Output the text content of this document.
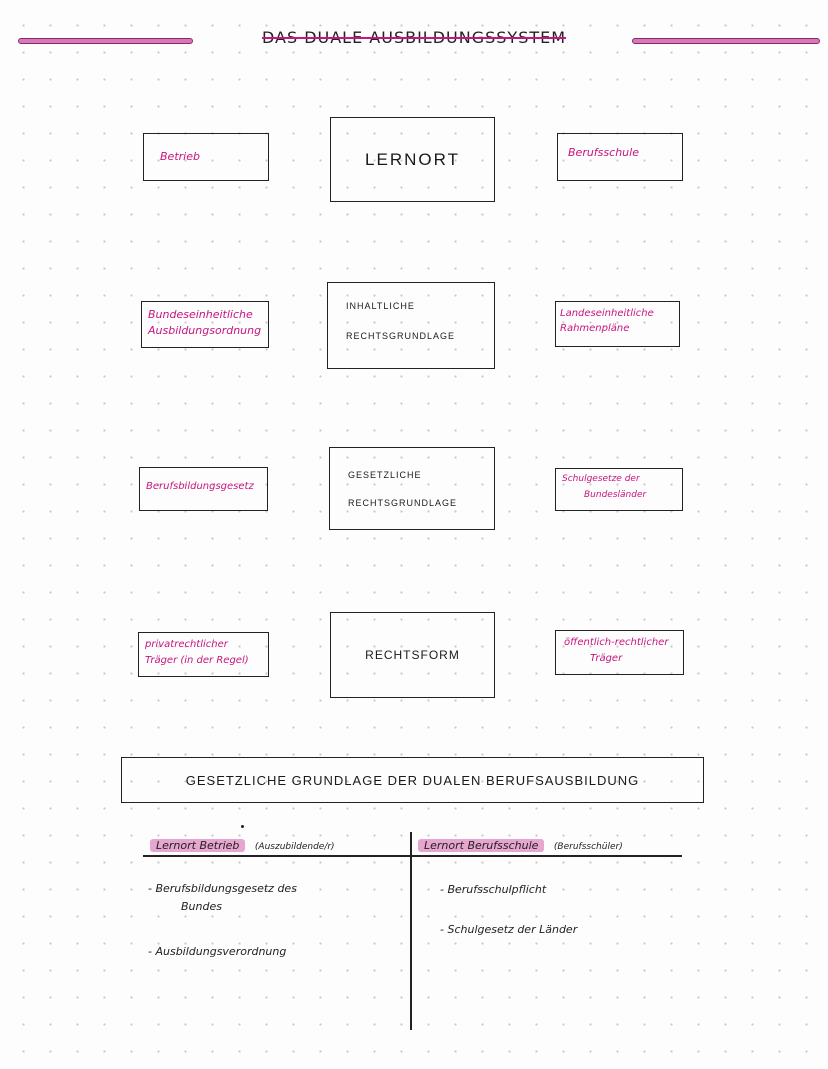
DAS DUALE AUSBILDUNGSSYSTEM
Betrieb	LERNORT	Berufsschule
Bundeseinheitliche
Ausbildungsordnung
INHALTLICHE
RECHTSGRUNDLAGE
Landeseinheitliche
Rahmenpläne
Berufsbildungsgesetz
GESETZLICHE
RECHTSGRUNDLAGE
Schulgesetze der
Bundesländer
privatrechtlicher
Träger (in der Regel)	RECHTSFORM
öffentlich-rechtlicher
Träger
GESETZLICHE GRUNDLAGE DER DUALEN BERUFSAUSBILDUNG
Lernort Betrieb (Auszubildende/r)	Lernort Berufsschule (Berufsschüler)
- Berufsbildungsgesetz des
Bundes
- Ausbildungsverordnung
- Berufsschulpflicht
- Schulgesetz der Länder
